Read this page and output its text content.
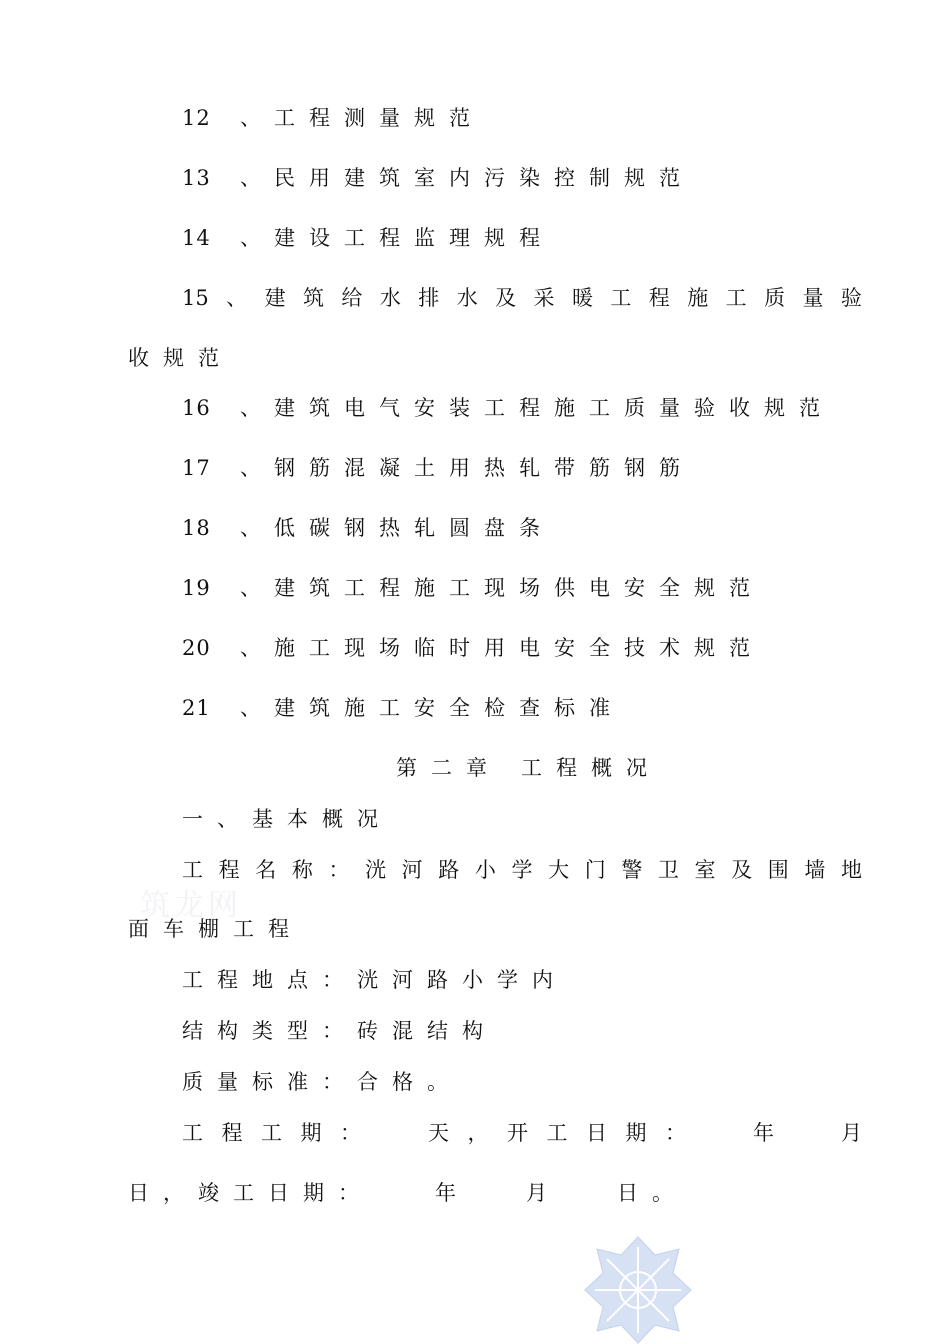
12 、 工程测量规范
13 、 民用建筑室内污染控制规范
14 、 建设工程监理规程
15 、 建 筑 给 水 排 水 及 采 暖 工 程 施 工 质 量 验
收规范
16 、 建筑电气安装工程施工质量验收规范
17 、 钢筋混凝土用热轧带筋钢筋
18 、 低碳钢热轧圆盘条
19 、 建筑工程施工现场供电安全规范
20 、 施工现场临时用电安全技术规范
21 、 建筑施工安全检查标准
第二章 工程概况
一、基本概况
工 程 名 称 ： 洸 河 路 小 学 大 门 警 卫 室 及 围 墙 地
面车棚工程
工程地点：洸河路小学内
结构类型：砖混结构
质量标准：合格。
工 程 工 期 ：	天 ， 开 工 日 期 ：	年	月
日，竣工日期：	年	月	日。
筑龙网
